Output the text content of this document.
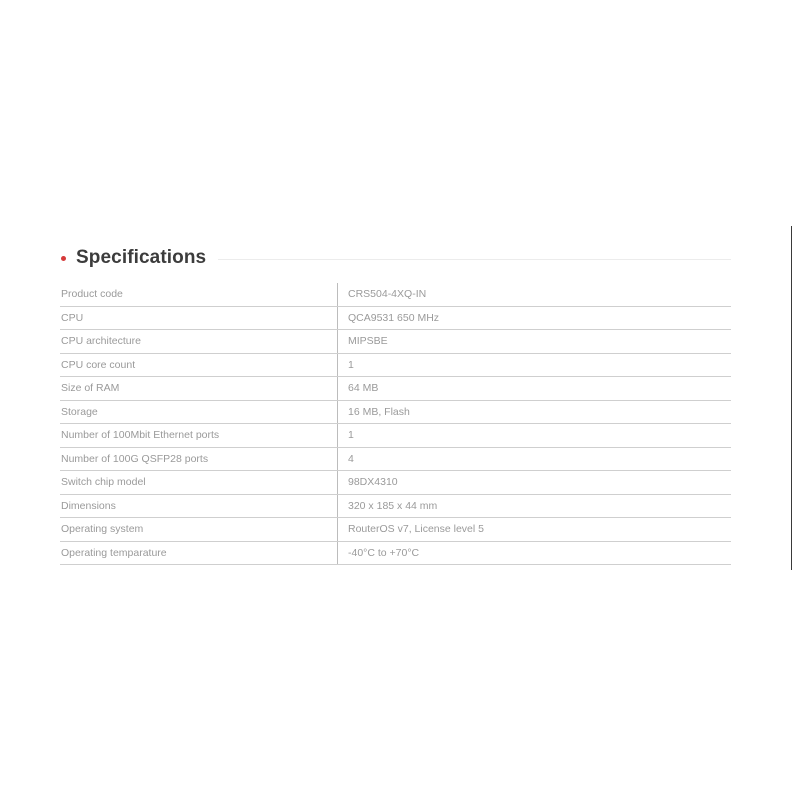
Specifications
Product code	CRS504-4XQ-IN
CPU	QCA9531 650 MHz
CPU architecture	MIPSBE
CPU core count	1
Size of RAM	64 MB
Storage	16 MB, Flash
Number of 100Mbit Ethernet ports	1
Number of 100G QSFP28 ports	4
Switch chip model	98DX4310
Dimensions	320 x 185 x 44 mm
Operating system	RouterOS v7, License level 5
Operating temparature	-40°C to +70°C
